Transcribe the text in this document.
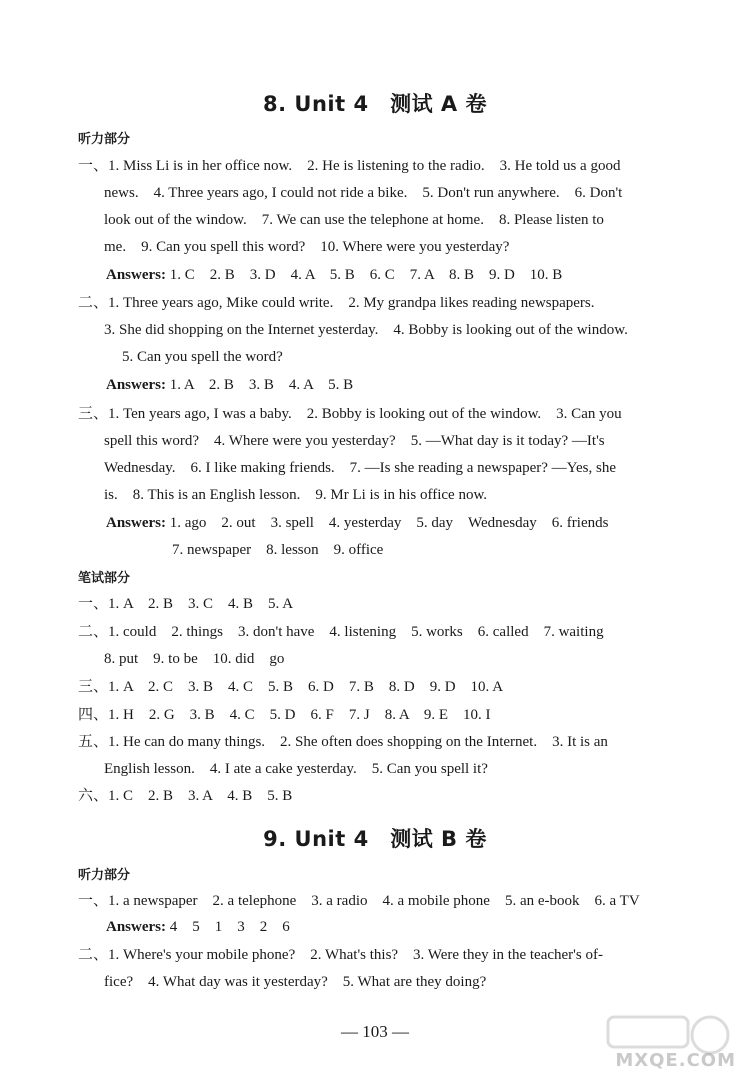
8. Unit 4　测试 A 卷
听力部分
一、1. Miss Li is in her office now.　2. He is listening to the radio.　3. He told us a good
news.　4. Three years ago, I could not ride a bike.　5. Don't run anywhere.　6. Don't
look out of the window.　7. We can use the telephone at home.　8. Please listen to
me.　9. Can you spell this word?　10. Where were you yesterday?
Answers: 1. C　2. B　3. D　4. A　5. B　6. C　7. A　8. B　9. D　10. B
二、1. Three years ago, Mike could write.　2. My grandpa likes reading newspapers.
3. She did shopping on the Internet yesterday.　4. Bobby is looking out of the window.
5. Can you spell the word?
Answers: 1. A　2. B　3. B　4. A　5. B
三、1. Ten years ago, I was a baby.　2. Bobby is looking out of the window.　3. Can you
spell this word?　4. Where were you yesterday?　5. —What day is it today? —It's
Wednesday.　6. I like making friends.　7. —Is she reading a newspaper? —Yes, she
is.　8. This is an English lesson.　9. Mr Li is in his office now.
Answers: 1. ago　2. out　3. spell　4. yesterday　5. day　Wednesday　6. friends
7. newspaper　8. lesson　9. office
笔试部分
一、1. A　2. B　3. C　4. B　5. A
二、1. could　2. things　3. don't have　4. listening　5. works　6. called　7. waiting
8. put　9. to be　10. did　go
三、1. A　2. C　3. B　4. C　5. B　6. D　7. B　8. D　9. D　10. A
四、1. H　2. G　3. B　4. C　5. D　6. F　7. J　8. A　9. E　10. I
五、1. He can do many things.　2. She often does shopping on the Internet.　3. It is an
English lesson.　4. I ate a cake yesterday.　5. Can you spell it?
六、1. C　2. B　3. A　4. B　5. B
9. Unit 4　测试 B 卷
听力部分
一、1. a newspaper　2. a telephone　3. a radio　4. a mobile phone　5. an e-book　6. a TV
Answers: 4　5　1　3　2　6
二、1. Where's your mobile phone?　2. What's this?　3. Were they in the teacher's of-
fice?　4. What day was it yesterday?　5. What are they doing?
— 103 —
MXQE.COM
